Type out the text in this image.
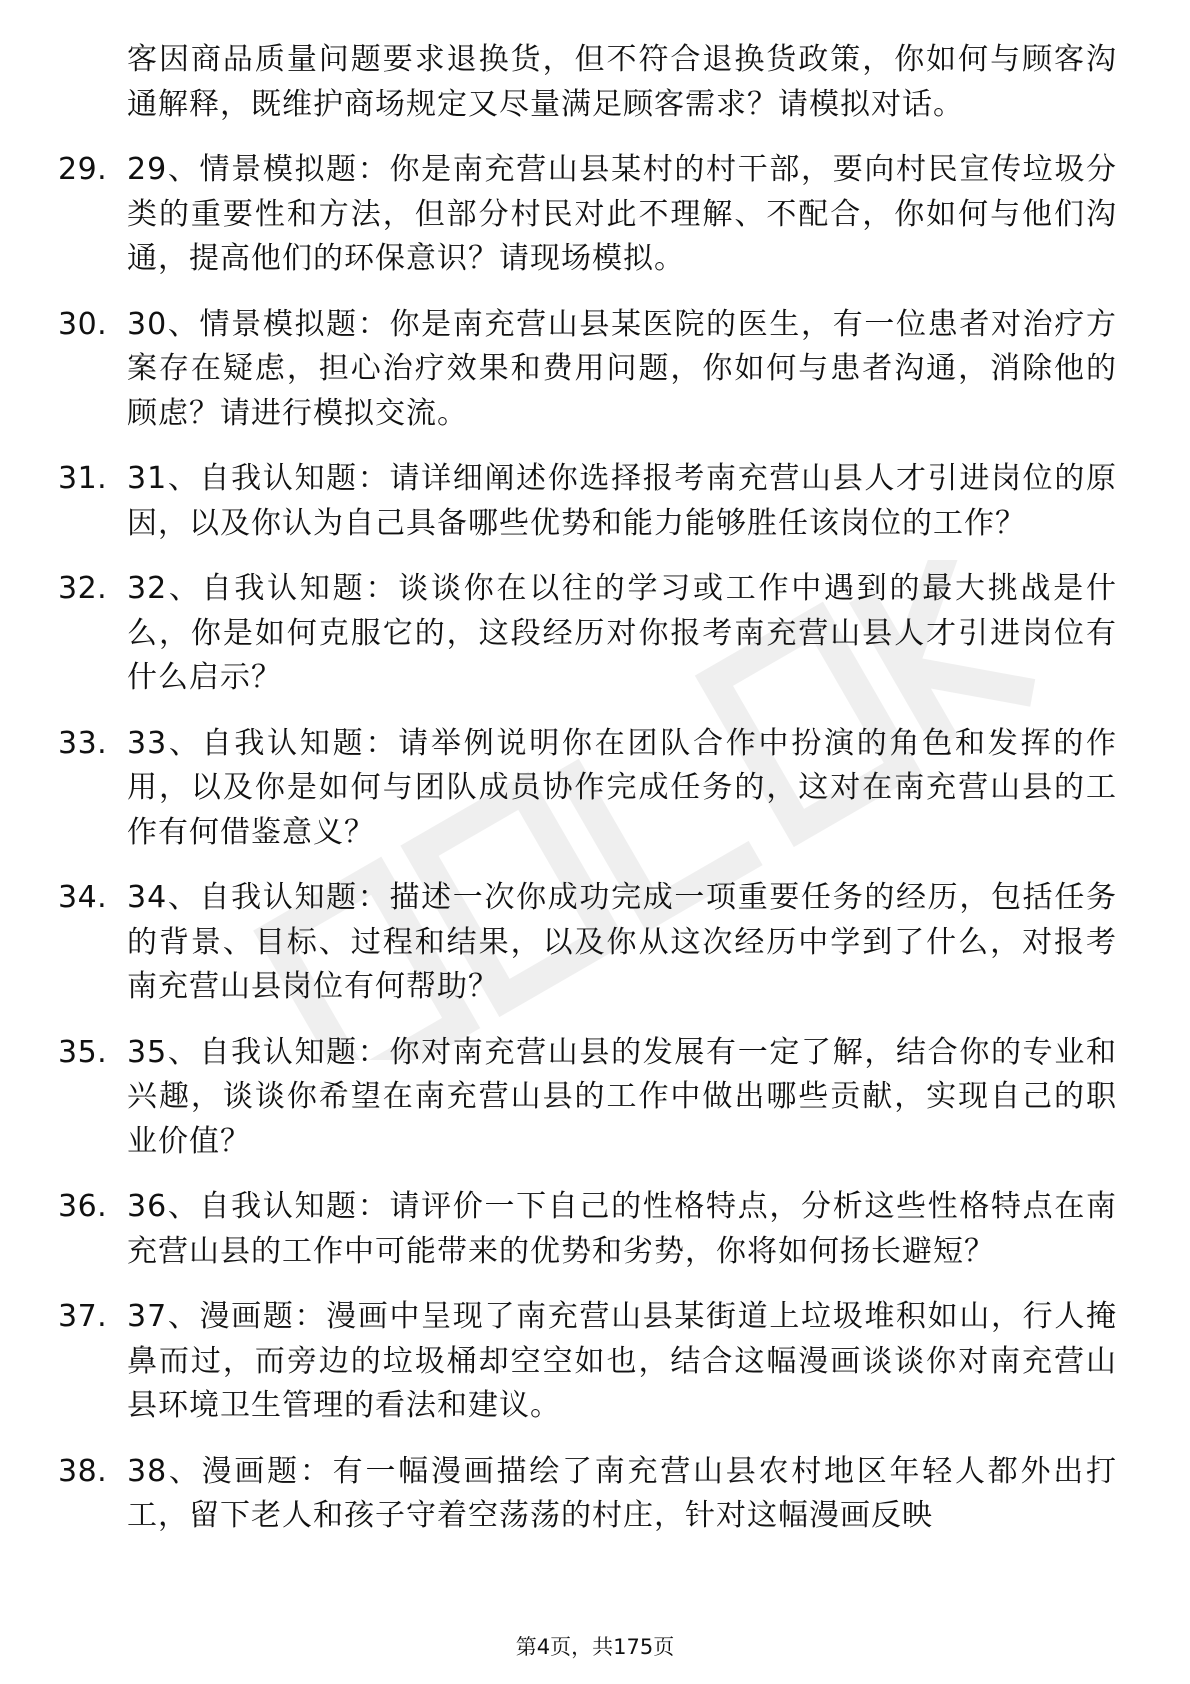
客因商品质量问题要求退换货，但不符合退换货政策，你如何与顾客沟通解释，既维护商场规定又尽量满足顾客需求？请模拟对话。
29. 29、情景模拟题：你是南充营山县某村的村干部，要向村民宣传垃圾分类的重要性和方法，但部分村民对此不理解、不配合，你如何与他们沟通，提高他们的环保意识？请现场模拟。
30. 30、情景模拟题：你是南充营山县某医院的医生，有一位患者对治疗方案存在疑虑，担心治疗效果和费用问题，你如何与患者沟通，消除他的顾虑？请进行模拟交流。
31. 31、自我认知题：请详细阐述你选择报考南充营山县人才引进岗位的原因，以及你认为自己具备哪些优势和能力能够胜任该岗位的工作？
32. 32、自我认知题：谈谈你在以往的学习或工作中遇到的最大挑战是什么，你是如何克服它的，这段经历对你报考南充营山县人才引进岗位有什么启示？
33. 33、自我认知题：请举例说明你在团队合作中扮演的角色和发挥的作用，以及你是如何与团队成员协作完成任务的，这对在南充营山县的工作有何借鉴意义？
34. 34、自我认知题：描述一次你成功完成一项重要任务的经历，包括任务的背景、目标、过程和结果，以及你从这次经历中学到了什么，对报考南充营山县岗位有何帮助？
35. 35、自我认知题：你对南充营山县的发展有一定了解，结合你的专业和兴趣，谈谈你希望在南充营山县的工作中做出哪些贡献，实现自己的职业价值？
36. 36、自我认知题：请评价一下自己的性格特点，分析这些性格特点在南充营山县的工作中可能带来的优势和劣势，你将如何扬长避短？
37. 37、漫画题：漫画中呈现了南充营山县某街道上垃圾堆积如山，行人掩鼻而过，而旁边的垃圾桶却空空如也，结合这幅漫画谈谈你对南充营山县环境卫生管理的看法和建议。
38. 38、漫画题：有一幅漫画描绘了南充营山县农村地区年轻人都外出打工，留下老人和孩子守着空荡荡的村庄，针对这幅漫画反映
第4页，共175页
